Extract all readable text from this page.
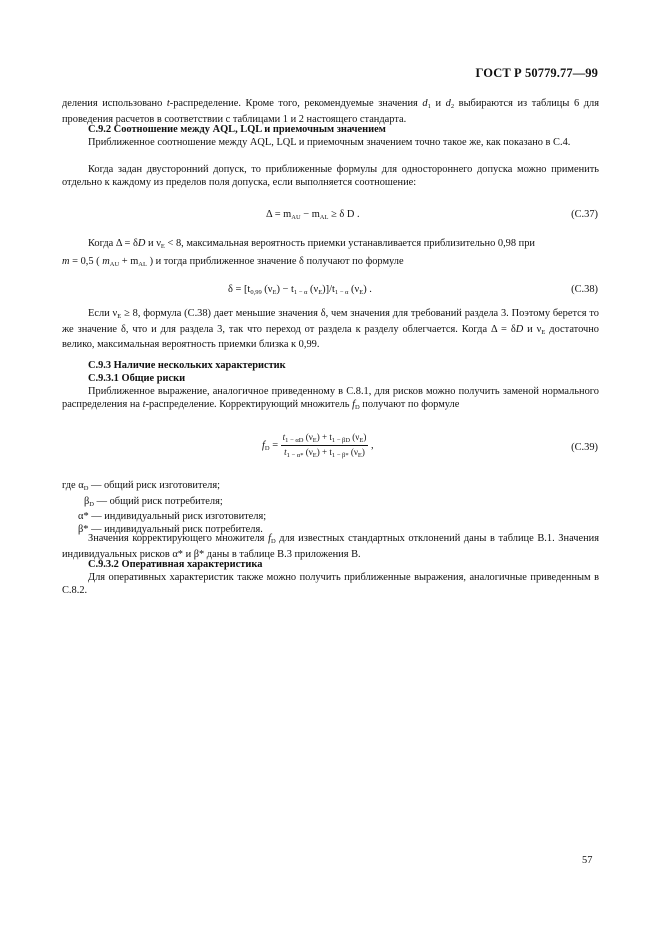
ГОСТ Р 50779.77—99
деления использовано t-распределение. Кроме того, рекомендуемые значения $d_1$ и $d_2$ выбираются из таблицы 6 для проведения расчетов в соответствии с таблицами 1 и 2 настоящего стандарта.
С.9.2 Соотношение между AQL, LQL и приемочным значением
Приближенное соотношение между AQL, LQL и приемочным значением точно такое же, как показано в С.4.
Когда задан двусторонний допуск, то приближенные формулы для одностороннего допуска можно применить отдельно к каждому из пределов поля допуска, если выполняется соотношение:
$\Delta = m_{AU} - m_{AL} \ge \delta$ D .	(С.37)
Когда Δ = δD и $\nu_E < 8$, максимальная вероятность приемки устанавливается приблизительно 0,98 при
m = 0,5 ( $m_{AU} + m_{AL}$ ) и тогда приближенное значение δ получают по формуле
$\delta = [t_{0,99}$ $(\nu_E) - t_{1 - \alpha}$ $(\nu_E)]/t_{1 - \alpha}$ $(\nu_E)$ .	(С.38)
Если $\nu_E \ge 8$, формула (С.38) дает меньшие значения δ, чем значения для требований раздела 3. Поэтому берется то же значение δ, что и для раздела 3, так что переход от раздела к разделу облегчается. Когда Δ = δD и $\nu_E$ достаточно велико, максимальная вероятность приемки близка к 0,99.
С.9.3 Наличие нескольких характеристик
С.9.3.1 Общие риски
Приближенное выражение, аналогичное приведенному в С.8.1, для рисков можно получить заменой нормального распределения на t-распределение. Корректирующий множитель $f_D$ получают по формуле
$f_D = \frac{t_{1 - \alpha D} (\nu_E) + t_{1 - \beta D} (\nu_E)}{t_{1 - \alpha*} (\nu_E) + t_{1 - \beta*} (\nu_E)}$ ,	(С.39)
где $\alpha_D$ — общий риск изготовителя;
$\beta_D$ — общий риск потребителя;
α* — индивидуальный риск изготовителя;
β* — индивидуальный риск потребителя.
Значения корректирующего множителя $f_D$ для известных стандартных отклонений даны в таблице В.1. Значения индивидуальных рисков α* и β* даны в таблице В.3 приложения В.
С.9.3.2 Оперативная характеристика
Для оперативных характеристик также можно получить приближенные выражения, аналогичные приведенным в С.8.2.
57
